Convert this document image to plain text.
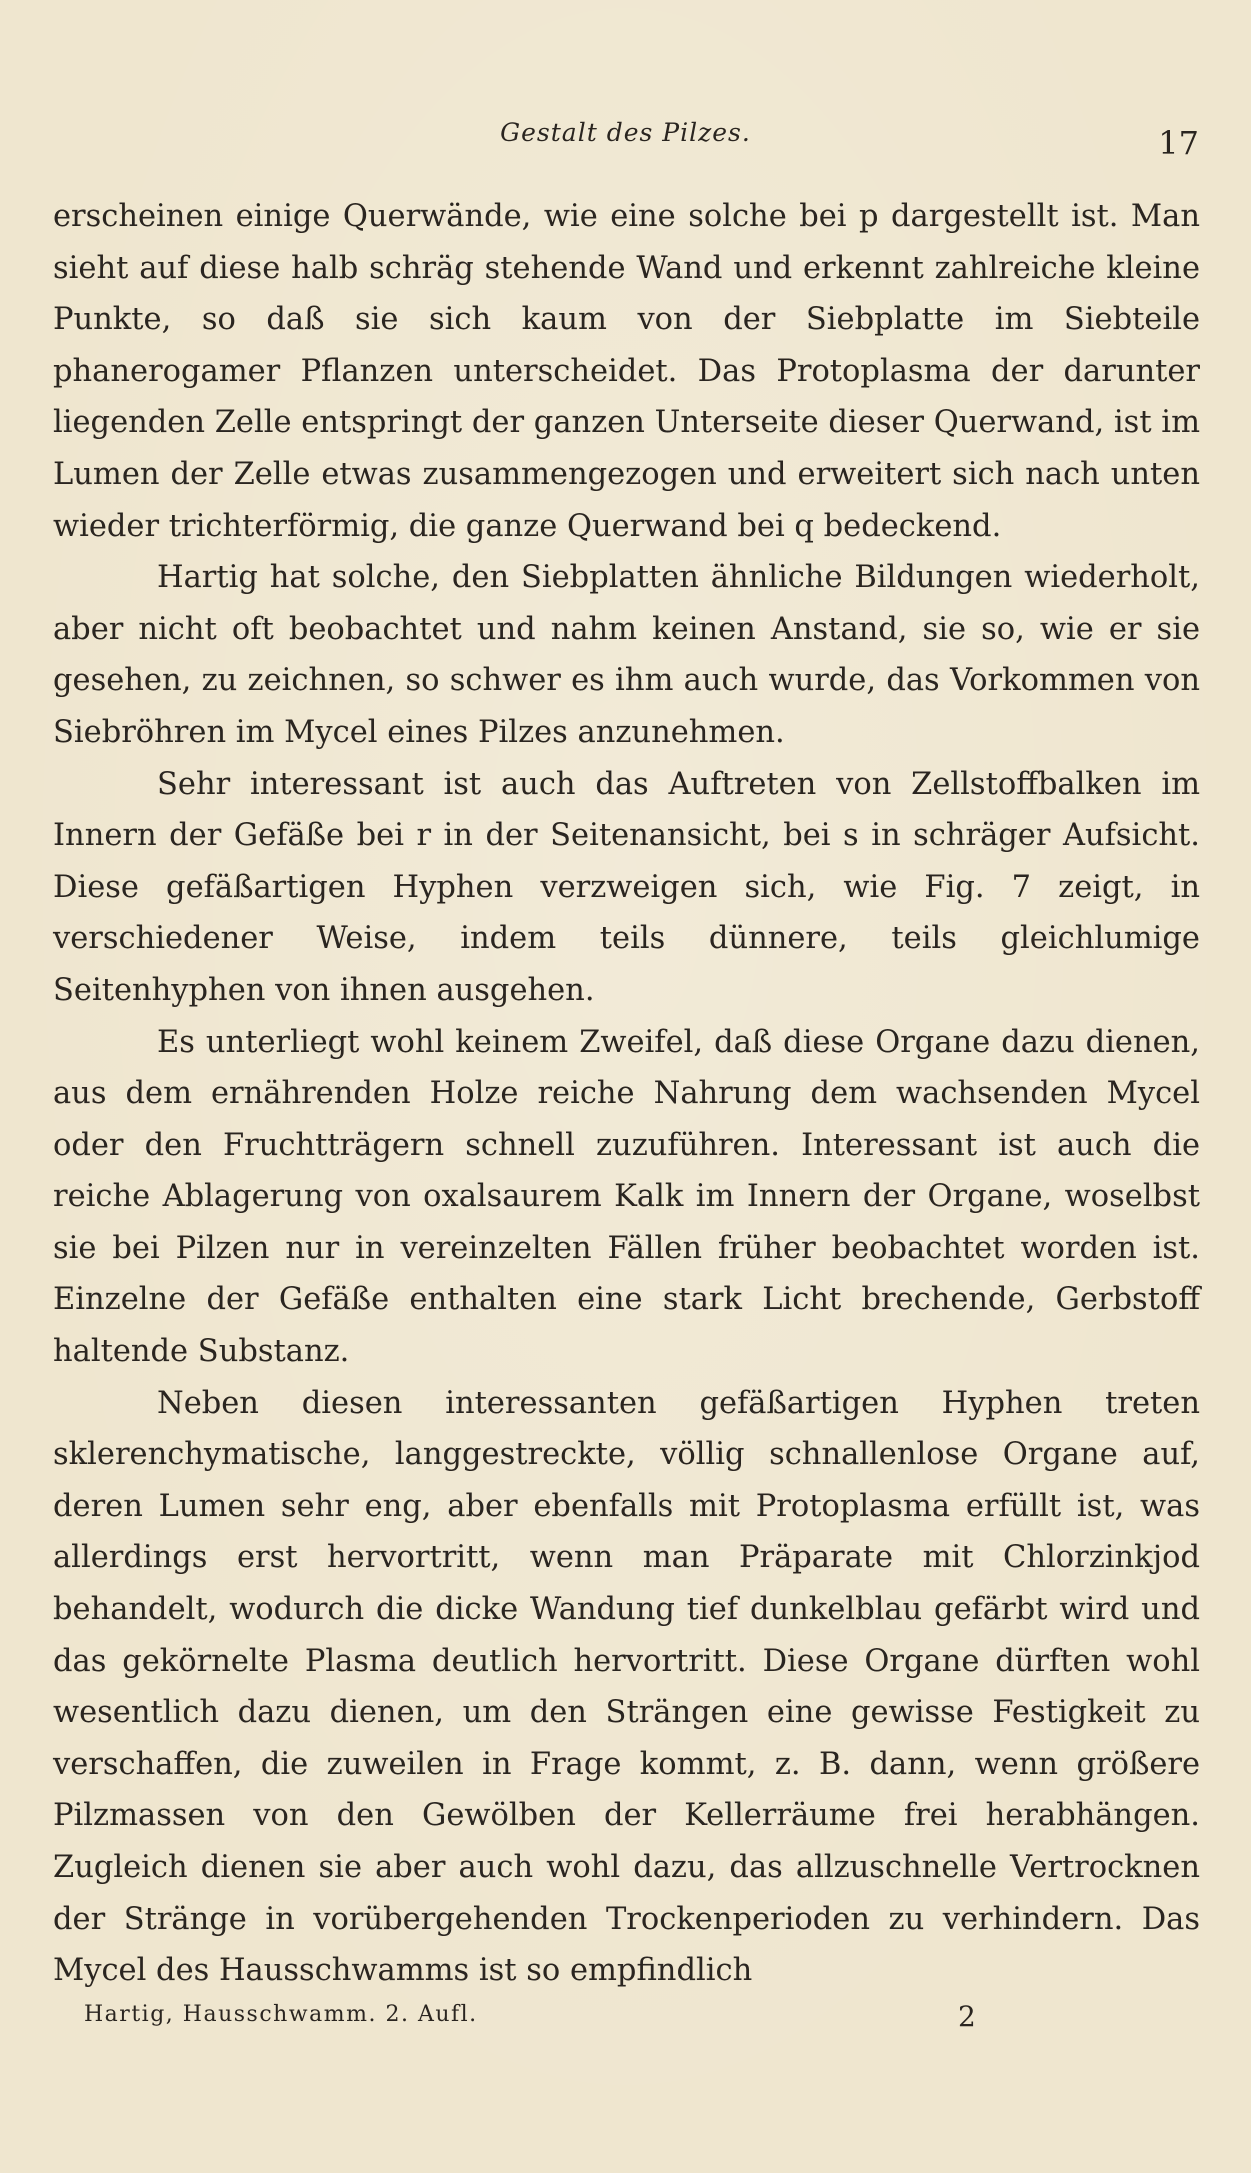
Gestalt des Pilzes.	17

erscheinen einige Querwände, wie eine solche bei p dargestellt ist. Man sieht auf diese halb schräg stehende Wand und erkennt zahlreiche kleine Punkte, so daß sie sich kaum von der Siebplatte im Siebteile phanerogamer Pflanzen unterscheidet. Das Protoplasma der darunter liegenden Zelle entspringt der ganzen Unterseite dieser Querwand, ist im Lumen der Zelle etwas zusammengezogen und erweitert sich nach unten wieder trichterförmig, die ganze Querwand bei q bedeckend.

Hartig hat solche, den Siebplatten ähnliche Bildungen wiederholt, aber nicht oft beobachtet und nahm keinen Anstand, sie so, wie er sie gesehen, zu zeichnen, so schwer es ihm auch wurde, das Vorkommen von Siebröhren im Mycel eines Pilzes anzunehmen.

Sehr interessant ist auch das Auftreten von Zellstoffbalken im Innern der Gefäße bei r in der Seitenansicht, bei s in schräger Aufsicht. Diese gefäßartigen Hyphen verzweigen sich, wie Fig. 7 zeigt, in verschiedener Weise, indem teils dünnere, teils gleichlumige Seitenhyphen von ihnen ausgehen.

Es unterliegt wohl keinem Zweifel, daß diese Organe dazu dienen, aus dem ernährenden Holze reiche Nahrung dem wachsenden Mycel oder den Fruchtträgern schnell zuzuführen. Interessant ist auch die reiche Ablagerung von oxalsaurem Kalk im Innern der Organe, woselbst sie bei Pilzen nur in vereinzelten Fällen früher beobachtet worden ist. Einzelne der Gefäße enthalten eine stark Licht brechende, Gerbstoff haltende Substanz.

Neben diesen interessanten gefäßartigen Hyphen treten sklerenchymatische, langgestreckte, völlig schnallenlose Organe auf, deren Lumen sehr eng, aber ebenfalls mit Protoplasma erfüllt ist, was allerdings erst hervortritt, wenn man Präparate mit Chlorzinkjod behandelt, wodurch die dicke Wandung tief dunkelblau gefärbt wird und das gekörnelte Plasma deutlich hervortritt. Diese Organe dürften wohl wesentlich dazu dienen, um den Strängen eine gewisse Festigkeit zu verschaffen, die zuweilen in Frage kommt, z. B. dann, wenn größere Pilzmassen von den Gewölben der Kellerräume frei herabhängen. Zugleich dienen sie aber auch wohl dazu, das allzuschnelle Vertrocknen der Stränge in vorübergehenden Trockenperioden zu verhindern. Das Mycel des Hausschwamms ist so empfindlich

Hartig, Hausschwamm. 2. Aufl.	2
